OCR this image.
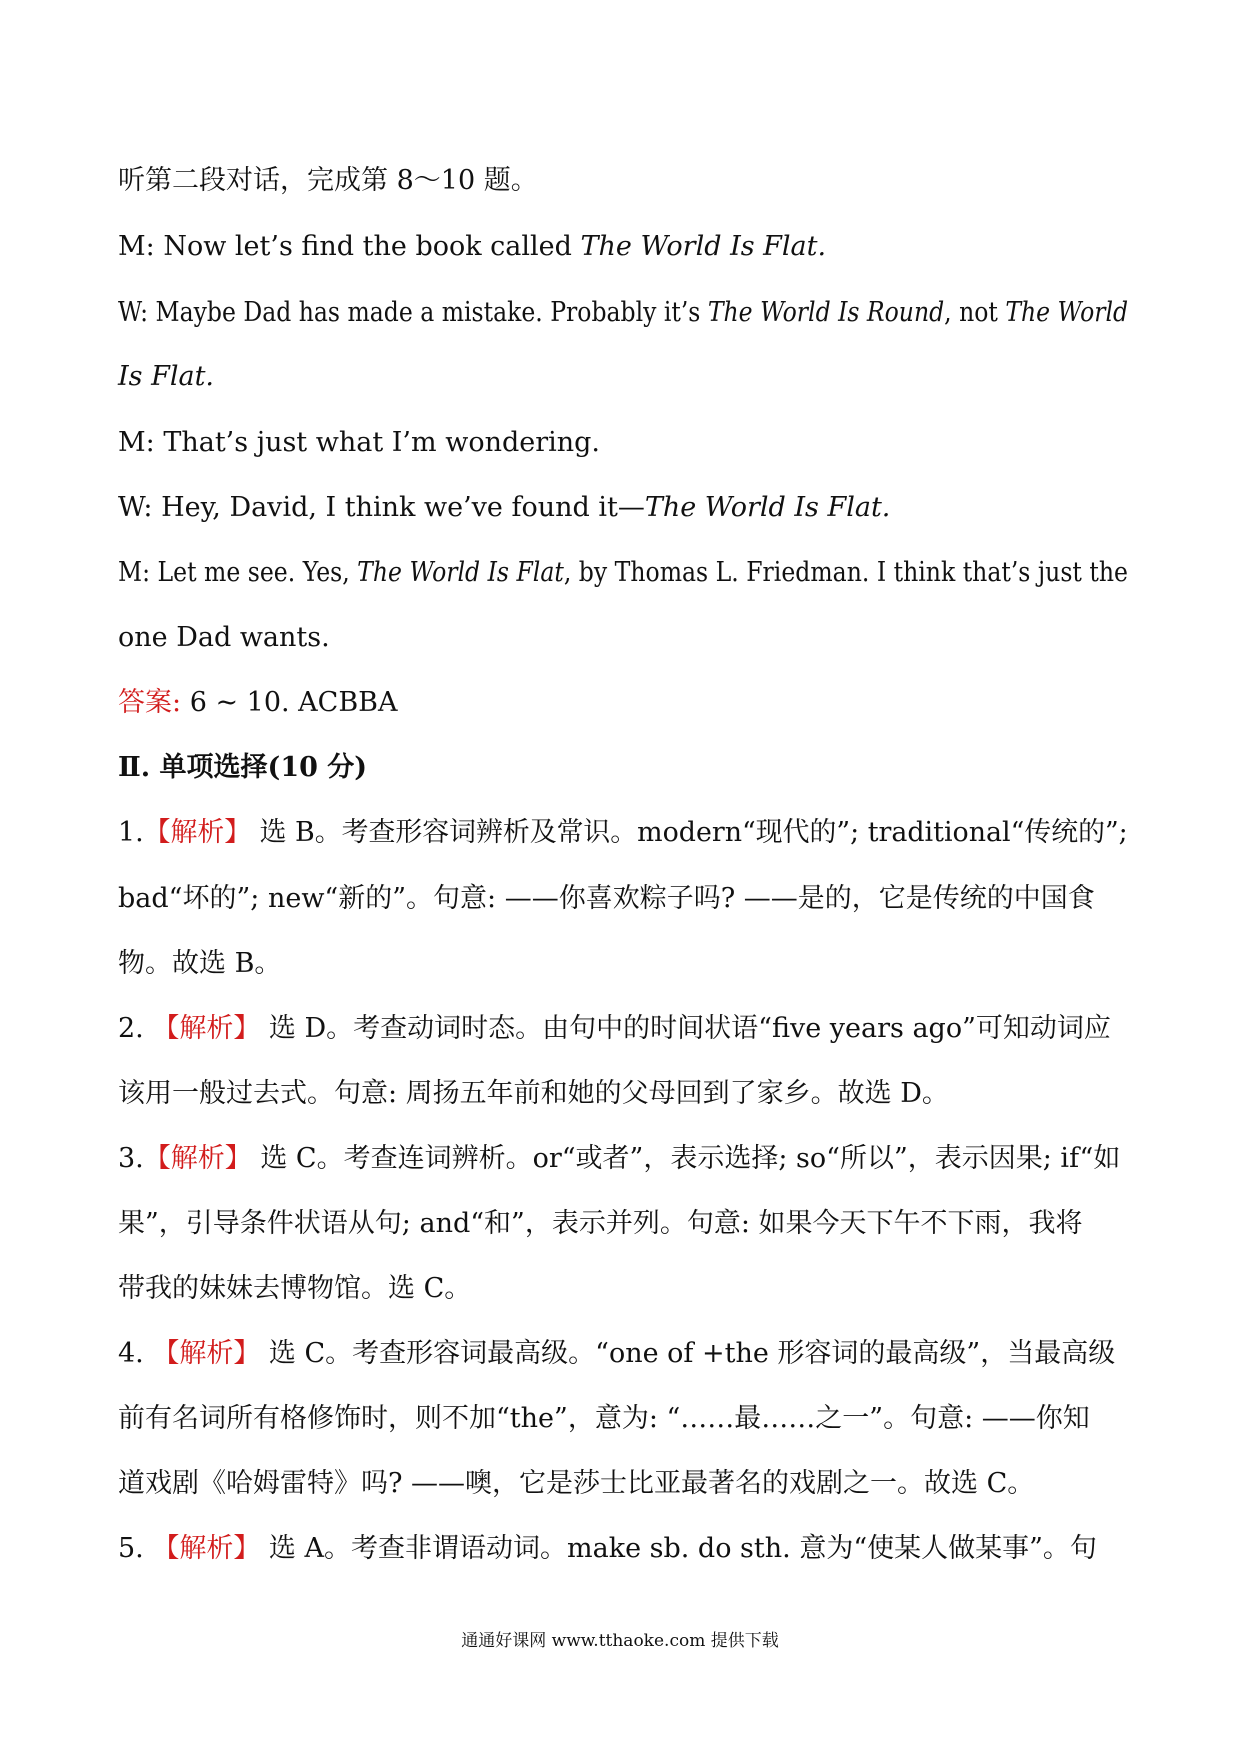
听第二段对话，完成第 8～10 题。
M: Now let’s find the book called The World Is Flat.
W: Maybe Dad has made a mistake. Probably it’s The World Is Round, not The World
Is Flat.
M: That’s just what I’m wondering.
W: Hey, David, I think we’ve found it—The World Is Flat.
M: Let me see. Yes, The World Is Flat, by Thomas L. Friedman. I think that’s just the
one Dad wants.
答案: 6 ~ 10. ACBBA
Ⅱ. 单项选择(10 分)
1.【解析】 选 B。考查形容词辨析及常识。modern“现代的”; traditional“传统的”;
bad“坏的”; new“新的”。句意: ——你喜欢粽子吗? ——是的，它是传统的中国食
物。故选 B。
2. 【解析】 选 D。考查动词时态。由句中的时间状语“five years ago”可知动词应
该用一般过去式。句意: 周扬五年前和她的父母回到了家乡。故选 D。
3.【解析】 选 C。考查连词辨析。or“或者”，表示选择; so“所以”，表示因果; if“如
果”，引导条件状语从句; and“和”，表示并列。句意: 如果今天下午不下雨，我将
带我的妹妹去博物馆。选 C。
4. 【解析】 选 C。考查形容词最高级。“one of +the 形容词的最高级”，当最高级
前有名词所有格修饰时，则不加“the”，意为: “……最……之一”。句意: ——你知
道戏剧《哈姆雷特》吗? ——噢，它是莎士比亚最著名的戏剧之一。故选 C。
5. 【解析】 选 A。考查非谓语动词。make sb. do sth. 意为“使某人做某事”。句
通通好课网 www.tthaoke.com 提供下载
